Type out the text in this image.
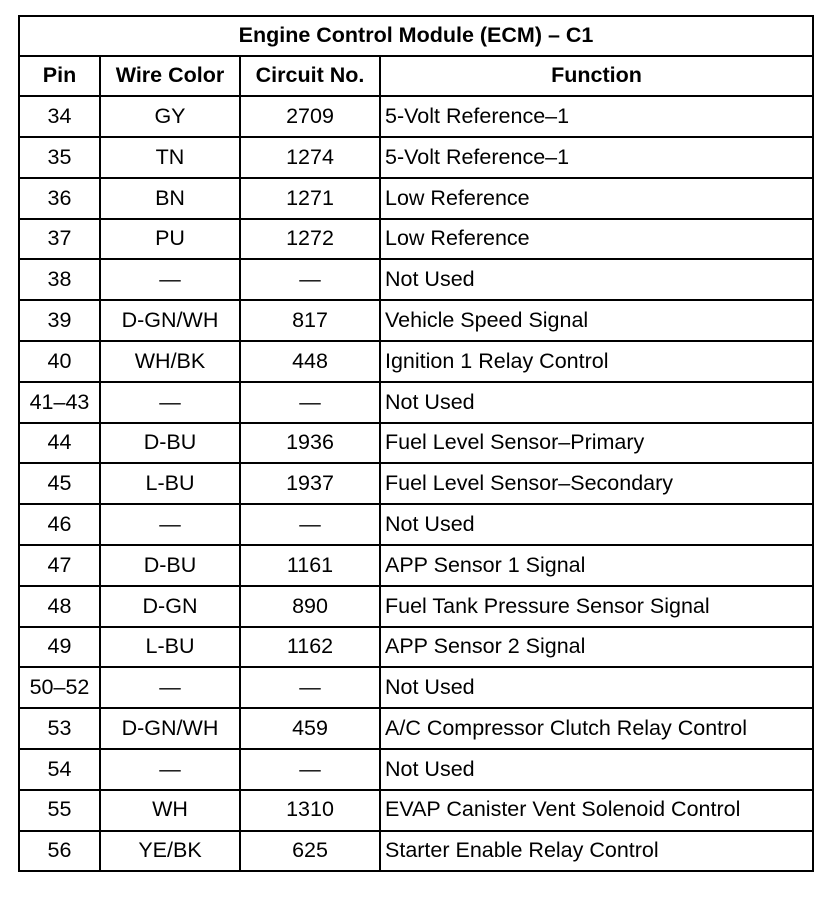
Engine Control Module (ECM) – C1			
Pin	Wire Color	Circuit No.	Function
34	GY	2709	5-Volt Reference–1
35	TN	1274	5-Volt Reference–1
36	BN	1271	Low Reference
37	PU	1272	Low Reference
38	—	—	Not Used
39	D-GN/WH	817	Vehicle Speed Signal
40	WH/BK	448	Ignition 1 Relay Control
41–43	—	—	Not Used
44	D-BU	1936	Fuel Level Sensor–Primary
45	L-BU	1937	Fuel Level Sensor–Secondary
46	—	—	Not Used
47	D-BU	1161	APP Sensor 1 Signal
48	D-GN	890	Fuel Tank Pressure Sensor Signal
49	L-BU	1162	APP Sensor 2 Signal
50–52	—	—	Not Used
53	D-GN/WH	459	A/C Compressor Clutch Relay Control
54	—	—	Not Used
55	WH	1310	EVAP Canister Vent Solenoid Control
56	YE/BK	625	Starter Enable Relay Control
